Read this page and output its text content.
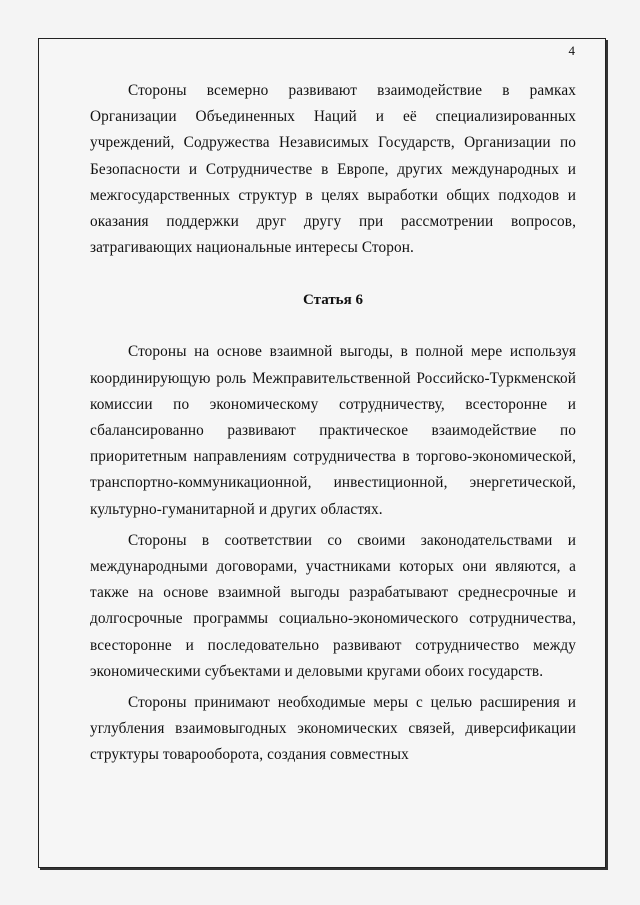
4

Стороны всемерно развивают взаимодействие в рамках Организации Объединенных Наций и её специализированных учреждений, Содружества Независимых Государств, Организации по Безопасности и Сотрудничестве в Европе, других международных и межгосударственных структур в целях выработки общих подходов и оказания поддержки друг другу при рассмотрении вопросов, затрагивающих национальные интересы Сторон.

Статья 6

Стороны на основе взаимной выгоды, в полной мере используя координирующую роль Межправительственной Российско-Туркменской комиссии по экономическому сотрудничеству, всесторонне и сбалансированно развивают практическое взаимодействие по приоритетным направлениям сотрудничества в торгово-экономической, транспортно-коммуникационной, инвестиционной, энергетической, культурно-гуманитарной и других областях.

Стороны в соответствии со своими законодательствами и международными договорами, участниками которых они являются, а также на основе взаимной выгоды разрабатывают среднесрочные и долгосрочные программы социально-экономического сотрудничества, всесторонне и последовательно развивают сотрудничество между экономическими субъектами и деловыми кругами обоих государств.

Стороны принимают необходимые меры с целью расширения и углубления взаимовыгодных экономических связей, диверсификации структуры товарооборота, создания совместных
